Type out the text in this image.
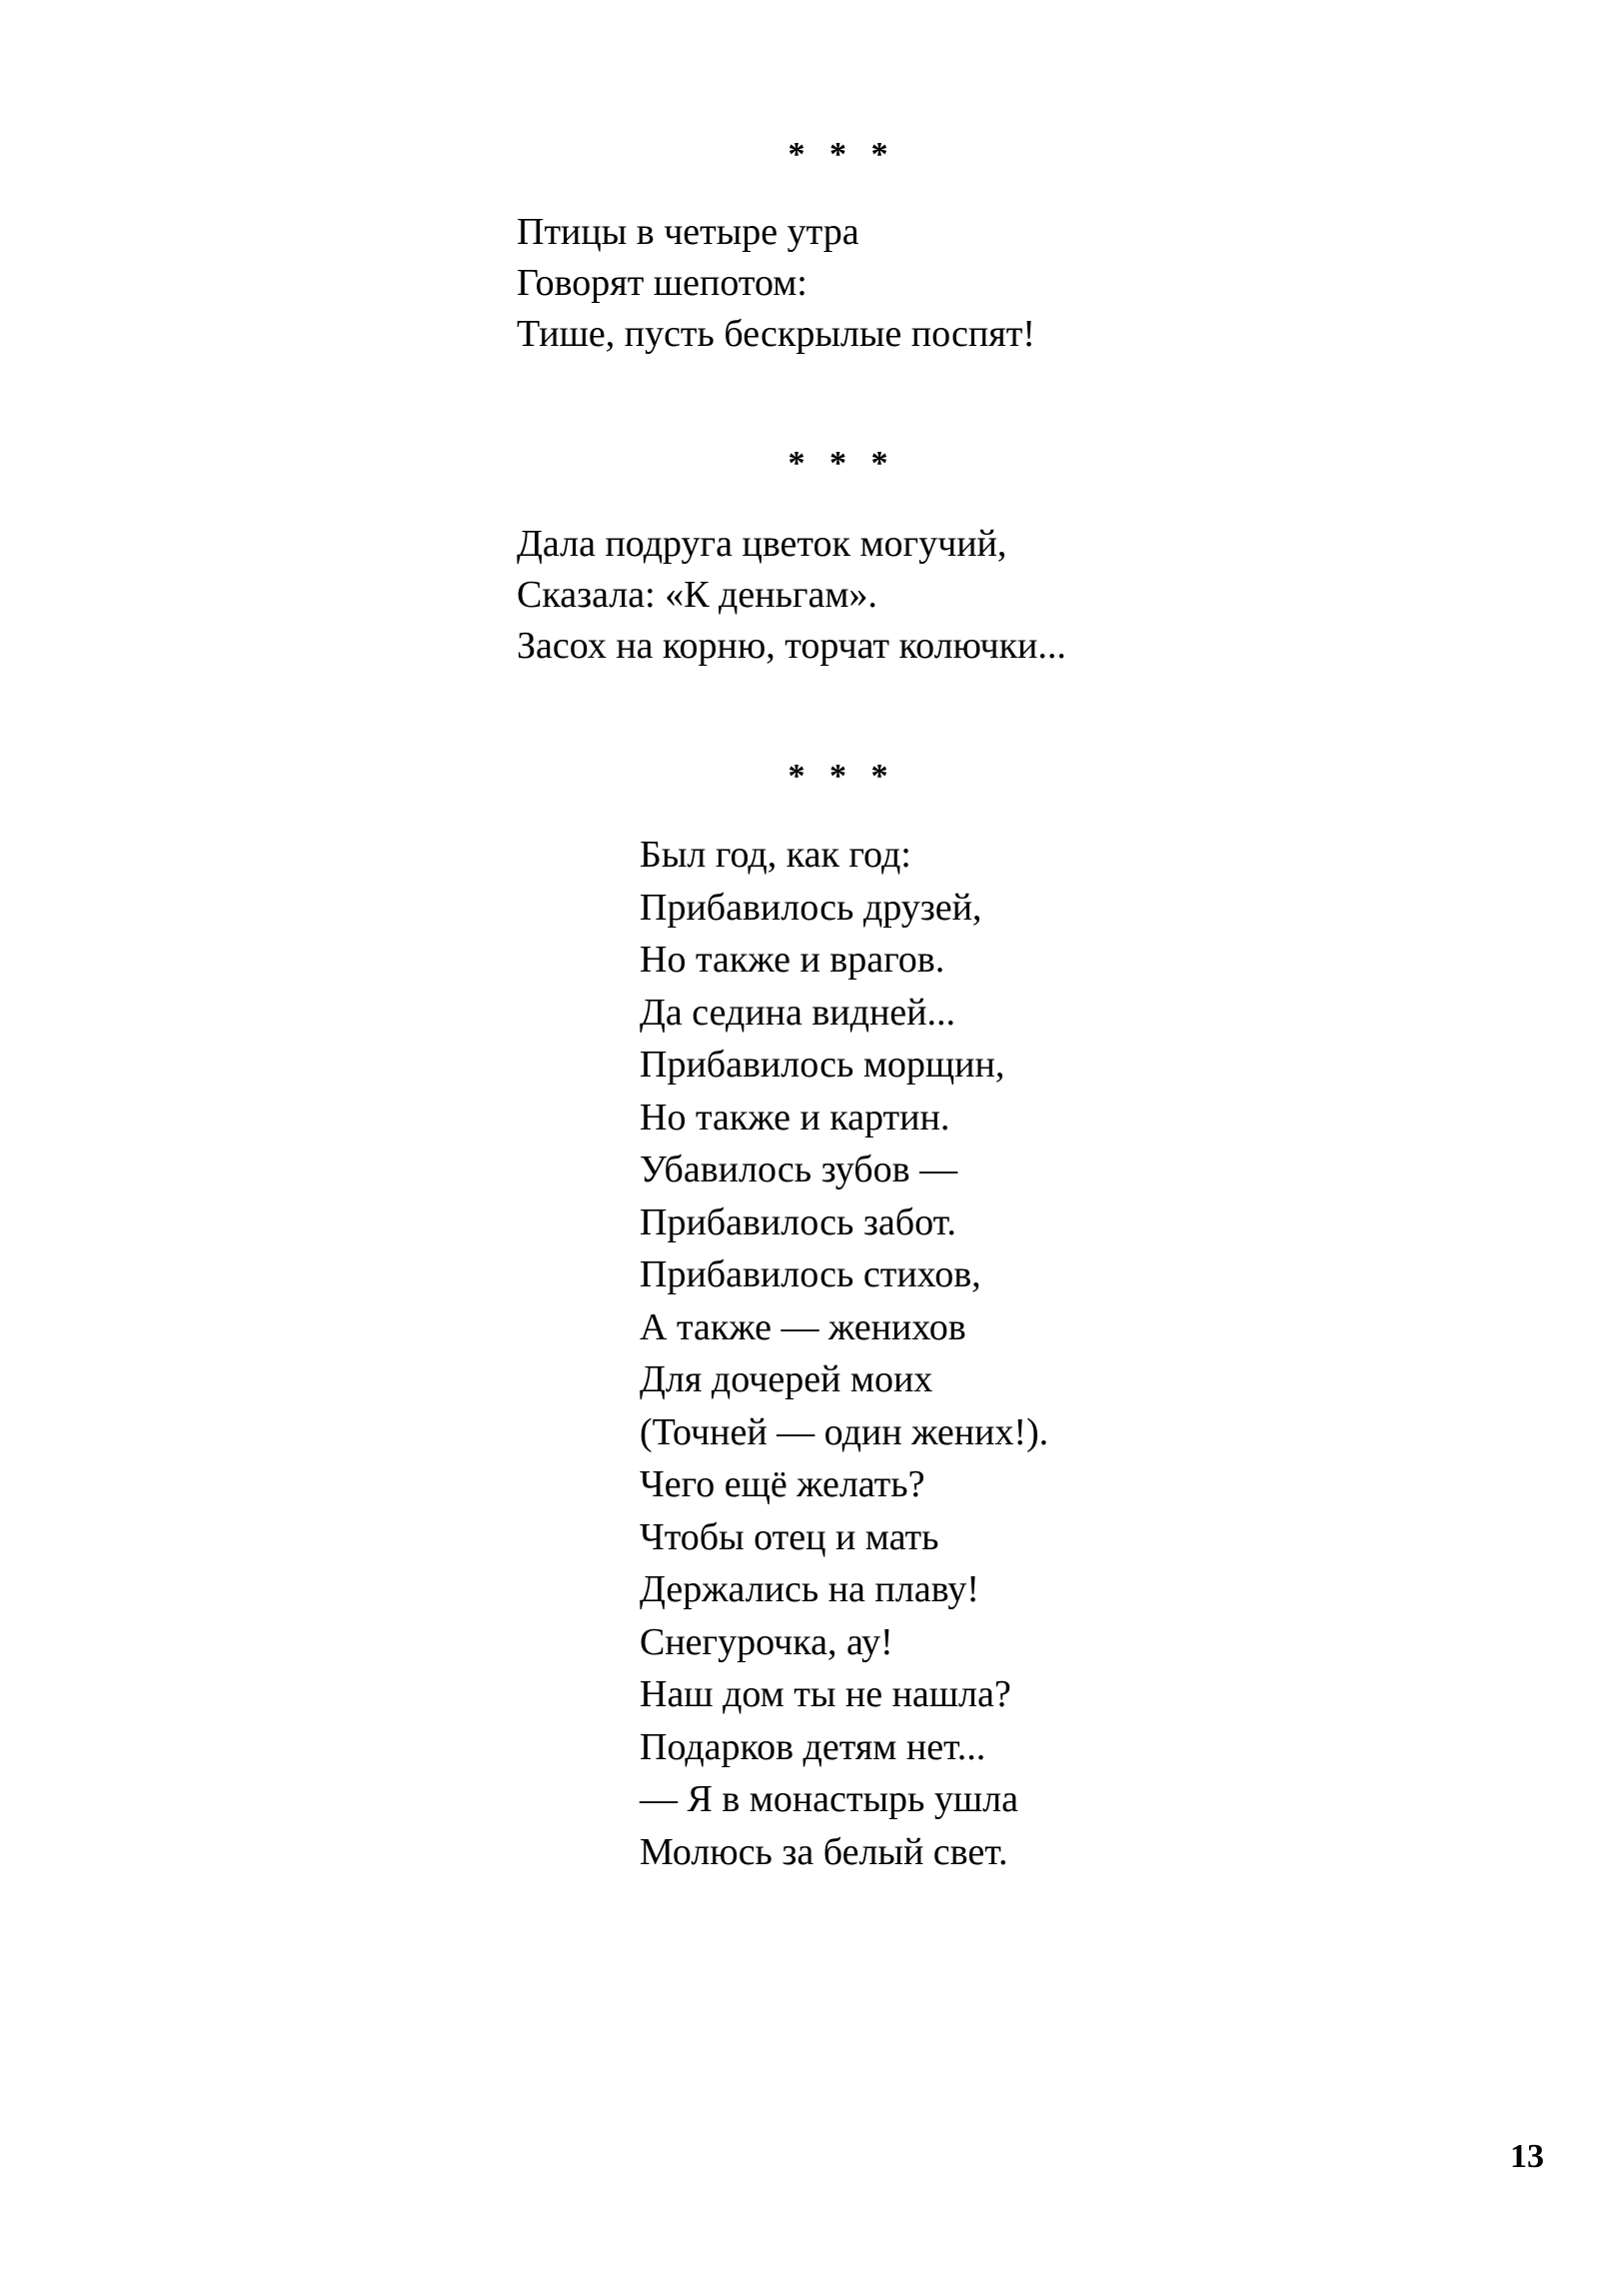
* * *
Птицы в четыре утра
Говорят шепотом:
Тише, пусть бескрылые поспят!
* * *
Дала подруга цветок могучий,
Сказала: «К деньгам».
Засох на корню, торчат колючки...
* * *
Был год, как год:
Прибавилось друзей,
Но также и врагов.
Да седина видней...
Прибавилось морщин,
Но также и картин.
Убавилось зубов —
Прибавилось забот.
Прибавилось стихов,
А также — женихов
Для дочерей моих
(Точней — один жених!).
Чего ещё желать?
Чтобы отец и мать
Держались на плаву!
Снегурочка, ау!
Наш дом ты не нашла?
Подарков детям нет...
— Я в монастырь ушла
Молюсь за белый свет.
13
